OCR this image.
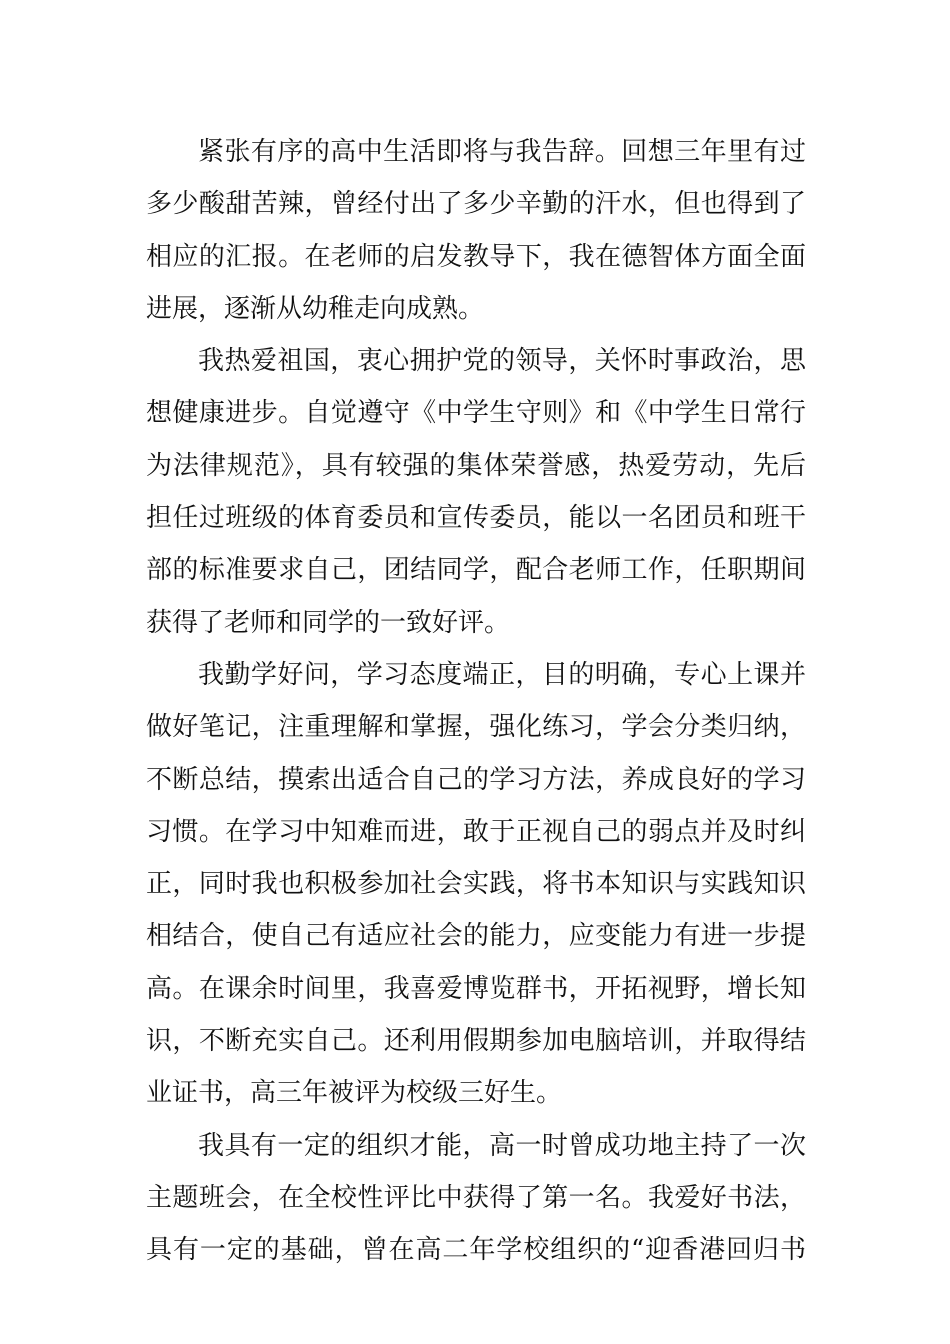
紧张有序的高中生活即将与我告辞。回想三年里有过
多少酸甜苦辣，曾经付出了多少辛勤的汗水，但也得到了
相应的汇报。在老师的启发教导下，我在德智体方面全面
进展，逐渐从幼稚走向成熟。
我热爱祖国，衷心拥护党的领导，关怀时事政治，思
想健康进步。自觉遵守《中学生守则》和《中学生日常行
为法律规范》，具有较强的集体荣誉感，热爱劳动，先后
担任过班级的体育委员和宣传委员，能以一名团员和班干
部的标准要求自己，团结同学，配合老师工作，任职期间
获得了老师和同学的一致好评。
我勤学好问，学习态度端正，目的明确，专心上课并
做好笔记，注重理解和掌握，强化练习，学会分类归纳，
不断总结，摸索出适合自己的学习方法，养成良好的学习
习惯。在学习中知难而进，敢于正视自己的弱点并及时纠
正，同时我也积极参加社会实践，将书本知识与实践知识
相结合，使自己有适应社会的能力，应变能力有进一步提
高。在课余时间里，我喜爱博览群书，开拓视野，增长知
识，不断充实自己。还利用假期参加电脑培训，并取得结
业证书，高三年被评为校级三好生。
我具有一定的组织才能，高一时曾成功地主持了一次
主题班会，在全校性评比中获得了第一名。我爱好书法，
具有一定的基础，曾在高二年学校组织的“迎香港回归书
